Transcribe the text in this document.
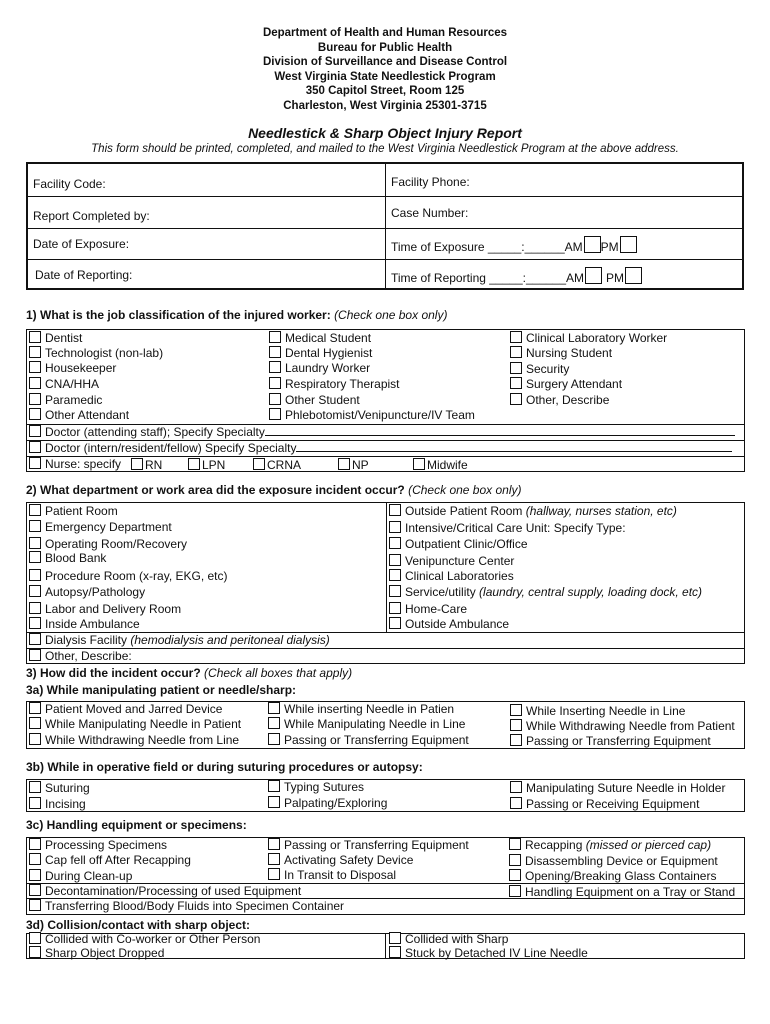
Department of Health and Human Resources
Bureau for Public Health
Division of Surveillance and Disease Control
West Virginia State Needlestick Program
350 Capitol Street, Room 125
Charleston, West Virginia 25301-3715
Needlestick & Sharp Object Injury Report
This form should be printed, completed, and mailed to the West Virginia Needlestick Program at the above address.
Facility Code:	Facility Phone:
Report Completed by:	Case Number:
Date of Exposure:	Time of Exposure _____:______AM PM
Date of Reporting:	Time of Reporting _____:______AM PM
1) What is the job classification of the injured worker: (Check one box only)
Dentist
Technologist (non-lab)
Housekeeper
CNA/HHA
Paramedic
Other Attendant
Medical Student
Dental Hygienist
Laundry Worker
Respiratory Therapist
Other Student
Phlebotomist/Venipuncture/IV Team
Clinical Laboratory Worker
Nursing Student
Security
Surgery Attendant
Other, Describe
Doctor (attending staff); Specify Specialty
Doctor (intern/resident/fellow) Specify Specialty
Nurse: specify	RN	LPN	CRNA	NP	Midwife
2) What department or work area did the exposure incident occur? (Check one box only)
Patient Room
Emergency Department
Operating Room/Recovery
Blood Bank
Procedure Room (x-ray, EKG, etc)
Autopsy/Pathology
Labor and Delivery Room
Inside Ambulance
Outside Patient Room (hallway, nurses station, etc)
Intensive/Critical Care Unit: Specify Type:
Outpatient Clinic/Office
Venipuncture Center
Clinical Laboratories
Service/utility (laundry, central supply, loading dock, etc)
Home-Care
Outside Ambulance
Dialysis Facility (hemodialysis and peritoneal dialysis)
Other, Describe:
3) How did the incident occur? (Check all boxes that apply)
3a) While manipulating patient or needle/sharp:
Patient Moved and Jarred Device
While Manipulating Needle in Patient
While Withdrawing Needle from Line
While inserting Needle in Patien
While Manipulating Needle in Line
Passing or Transferring Equipment
While Inserting Needle in Line
While Withdrawing Needle from Patient
Passing or Transferring Equipment
3b) While in operative field or during suturing procedures or autopsy:
Suturing
Incising
Typing Sutures
Palpating/Exploring
Manipulating Suture Needle in Holder
Passing or Receiving Equipment
3c) Handling equipment or specimens:
Processing Specimens
Cap fell off After Recapping
During Clean-up
Passing or Transferring Equipment
Activating Safety Device
In Transit to Disposal
Disassembling Device or Equipment
Opening/Breaking Glass Containers
Handling Equipment on a Tray or Stand
Recapping (missed or pierced cap)
Decontamination/Processing of used Equipment
Transferring Blood/Body Fluids into Specimen Container
3d) Collision/contact with sharp object:
Collided with Co-worker or Other Person
Sharp Object Dropped
Collided with Sharp
Stuck by Detached IV Line Needle
